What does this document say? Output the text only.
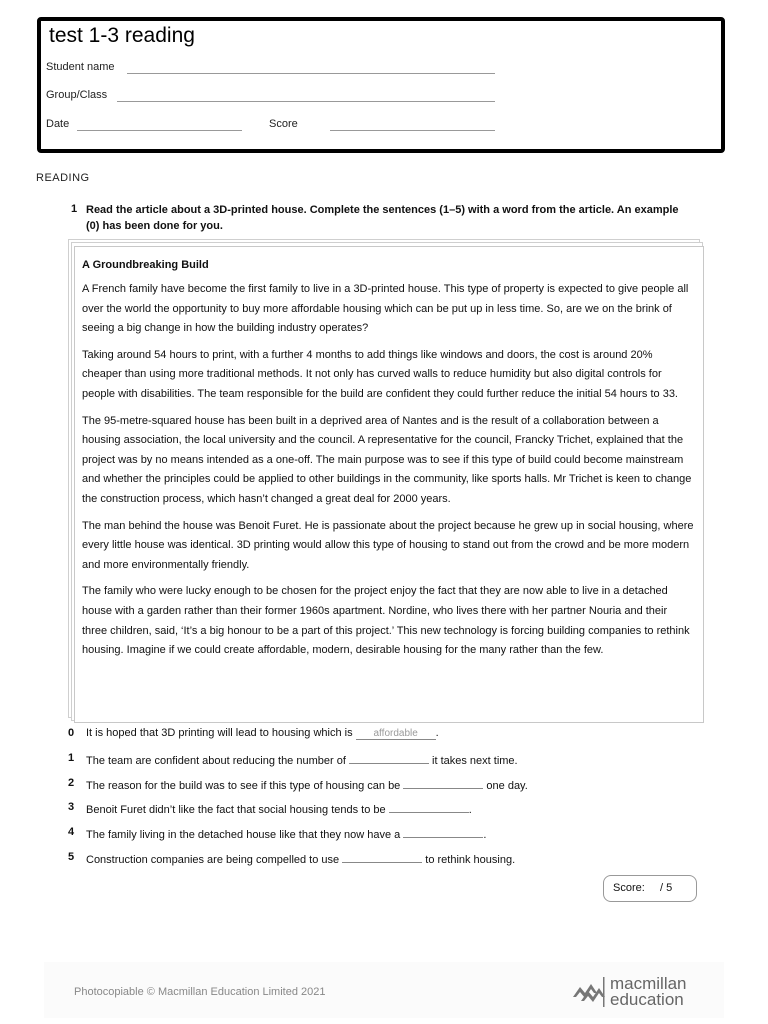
test 1-3 reading
Student name
Group/Class
Date	Score
READING
1 Read the article about a 3D-printed house. Complete the sentences (1–5) with a word from the article. An example (0) has been done for you.
A Groundbreaking Build

A French family have become the first family to live in a 3D-printed house. This type of property is expected to give people all over the world the opportunity to buy more affordable housing which can be put up in less time. So, are we on the brink of seeing a big change in how the building industry operates?

Taking around 54 hours to print, with a further 4 months to add things like windows and doors, the cost is around 20% cheaper than using more traditional methods. It not only has curved walls to reduce humidity but also digital controls for people with disabilities. The team responsible for the build are confident they could further reduce the initial 54 hours to 33.

The 95-metre-squared house has been built in a deprived area of Nantes and is the result of a collaboration between a housing association, the local university and the council. A representative for the council, Francky Trichet, explained that the project was by no means intended as a one-off. The main purpose was to see if this type of build could become mainstream and whether the principles could be applied to other buildings in the community, like sports halls. Mr Trichet is keen to change the construction process, which hasn’t changed a great deal for 2000 years.

The man behind the house was Benoit Furet. He is passionate about the project because he grew up in social housing, where every little house was identical. 3D printing would allow this type of housing to stand out from the crowd and be more modern and more environmentally friendly.

The family who were lucky enough to be chosen for the project enjoy the fact that they are now able to live in a detached house with a garden rather than their former 1960s apartment. Nordine, who lives there with her partner Nouria and their three children, said, ‘It’s a big honour to be a part of this project.’ This new technology is forcing building companies to rethink housing. Imagine if we could create affordable, modern, desirable housing for the many rather than the few.

0 It is hoped that 3D printing will lead to housing which is affordable .
1 The team are confident about reducing the number of	it takes next time.
2 The reason for the build was to see if this type of housing can be	one day.
3 Benoit Furet didn’t like the fact that social housing tends to be	.
4 The family living in the detached house like that they now have a	.
5 Construction companies are being compelled to use	to rethink housing.
Score: / 5
Photocopiable © Macmillan Education Limited 2021	macmillan
education
